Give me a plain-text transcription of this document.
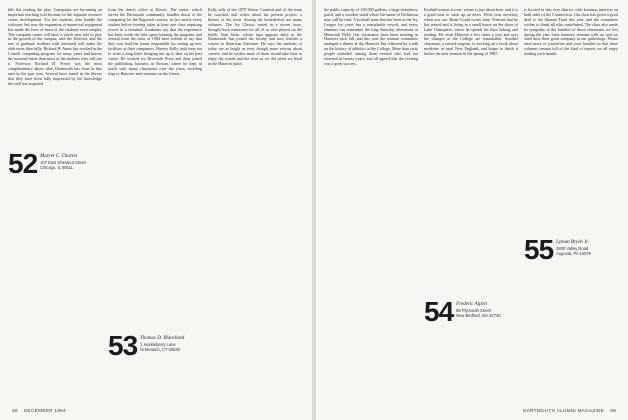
hile flat reading the play. Computers are becoming an important teaching tool because of the separate resource center development. For the students who handle the software; but now the expansion of numerical equipment has made the lives of most of the students even simpler. The computer center will have a whole new role to play in the growth of the campus, said the Director, and the rise of graduate students with terminals will make the shift more than fully. Richard H. Ames has worked in the Cornell computing program for many years and knows the material better than most of the students who will use it. Professor Richard H. Porter was the most complimentary about what Dartmouth has done in this area in the past year. Several have stated in the library that they have been fully impressed by the knowledge the staff has acquired.

from the dean's office at Kiewit. The center, which serves the Dartmouth community, handles much of the computing for the Pugwash courses; in fact nearly every student before leaving takes at least one class requiring access to a terminal. Graduates say that the experience has been worth the time spent learning the program, and several from the class of 1984 have written to say that they now lead the teams responsible for setting up new facilities at their companies. Harvey Kelly took time out to write a long letter bringing me up to date on his past career. He worked for Riverside Press and then joined the publishing business in Boston, where he kept in touch with many classmates over the years, recalling trips to Hanover and reunions on the Green.

Kelly tells of the 1978 Winter Carnival and of the team he coached, and writes about his present project, a history of the town. Among the bookshelves are many volumes. The Ivy Classic, noted in a recent issue, brought back memories for all of us who played on the fields. Sam Stein, whose sign appears daily in the Dartmouth, has joined the faculty and now teaches a course in American literature. He says the students of today are as bright as ever, though more serious about careers, and he wishes more of them would take time to enjoy the woods and the river as we did when we lived in the Hanover plain.

52 Marcel C. Charest
107 East Chestnut Street
Chicago, IL 60611
53 Thomas D. Blanchard
1 Huckleberry Lane
Greenwich, CT 06830
68 DECEMBER 1984

the public capacity of 100,000 gallons, a huge strawberry patch, and a wooden stand where the name of Dickinson may still be read. A football team that has been in the Ivy League for years has a remarkable record, and every alumnus can remember the long Saturday afternoons at Memorial Field. Our classmates have been meeting in Hanover each fall, and this year the reunion committee arranged a dinner at the Hanover Inn followed by a talk on the history of athletics at the College. More than sixty people attended, among them several who had not returned in twenty years, and all agreed that the evening was a great success.

Football season is over, winter is just about here, and it is a good time to catch up on news. Write your secretary when you can. Brian Gould writes from Vermont that he has retired and is living in a small house on the shore of Lake Champlain, where he spends his days fishing and reading. He visits Hanover a few times a year and says the changes at the College are remarkable. Another classmate, a retired surgeon, is working on a book about medicine in rural New England, and hopes to finish it before the next reunion in the spring of 1987.

is located in this very district, with business interests on both sides of the Connecticut. Our class has given a good deal to the Alumni Fund this year, and the committee wishes to thank all who contributed. The class also sends its sympathy to the families of those classmates we lost during the year; their memory remains with us, and we shall miss their good company at our gatherings. Please send news of yourselves and your families so that these columns remain full of the kind of reports we all enjoy reading each month.

54 Frederic Alport
89 Plymouth Street
New Bedford, MA 02740
55 Lyman Bryeh Jr.
1800 Valley Road
Augusta, PA 16079
DARTMOUTH ALUMNI MAGAZINE 69
